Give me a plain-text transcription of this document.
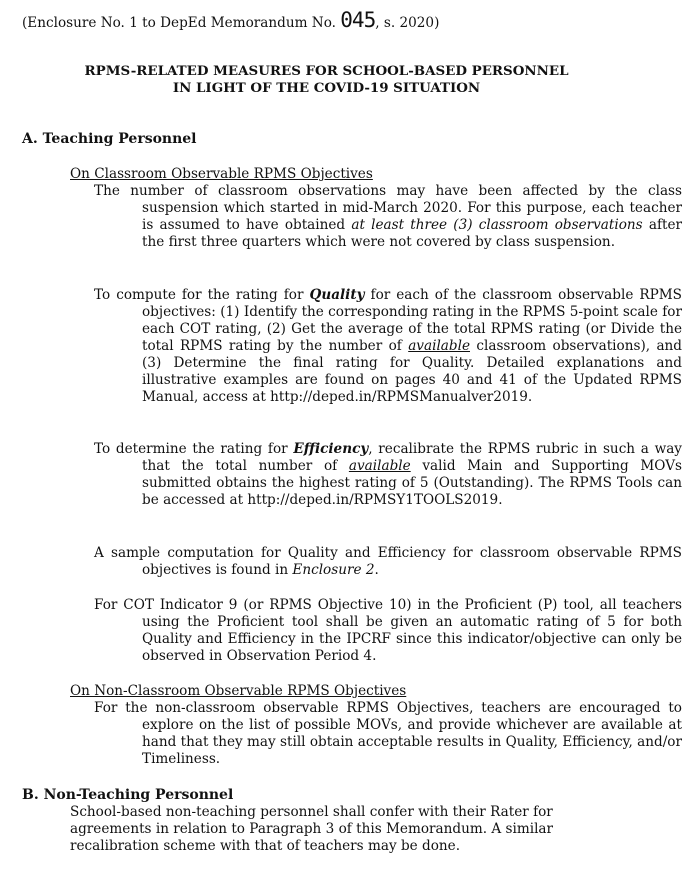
(Enclosure No. 1 to DepEd Memorandum No. 045, s. 2020)
RPMS-RELATED MEASURES FOR SCHOOL-BASED PERSONNEL
IN LIGHT OF THE COVID-19 SITUATION
A. Teaching Personnel
On Classroom Observable RPMS Objectives
The number of classroom observations may have been affected by the class suspension which started in mid-March 2020. For this purpose, each teacher is assumed to have obtained at least three (3) classroom observations after the first three quarters which were not covered by class suspension.
To compute for the rating for Quality for each of the classroom observable RPMS objectives: (1) Identify the corresponding rating in the RPMS 5-point scale for each COT rating, (2) Get the average of the total RPMS rating (or Divide the total RPMS rating by the number of available classroom observations), and (3) Determine the final rating for Quality. Detailed explanations and illustrative examples are found on pages 40 and 41 of the Updated RPMS Manual, access at http://deped.in/RPMSManualver2019.
To determine the rating for Efficiency, recalibrate the RPMS rubric in such a way that the total number of available valid Main and Supporting MOVs submitted obtains the highest rating of 5 (Outstanding). The RPMS Tools can be accessed at http://deped.in/RPMSY1TOOLS2019.
A sample computation for Quality and Efficiency for classroom observable RPMS objectives is found in Enclosure 2.
For COT Indicator 9 (or RPMS Objective 10) in the Proficient (P) tool, all teachers using the Proficient tool shall be given an automatic rating of 5 for both Quality and Efficiency in the IPCRF since this indicator/objective can only be observed in Observation Period 4.
On Non-Classroom Observable RPMS Objectives
For the non-classroom observable RPMS Objectives, teachers are encouraged to explore on the list of possible MOVs, and provide whichever are available at hand that they may still obtain acceptable results in Quality, Efficiency, and/or Timeliness.
B. Non-Teaching Personnel
School-based non-teaching personnel shall confer with their Rater for agreements in relation to Paragraph 3 of this Memorandum. A similar recalibration scheme with that of teachers may be done.
